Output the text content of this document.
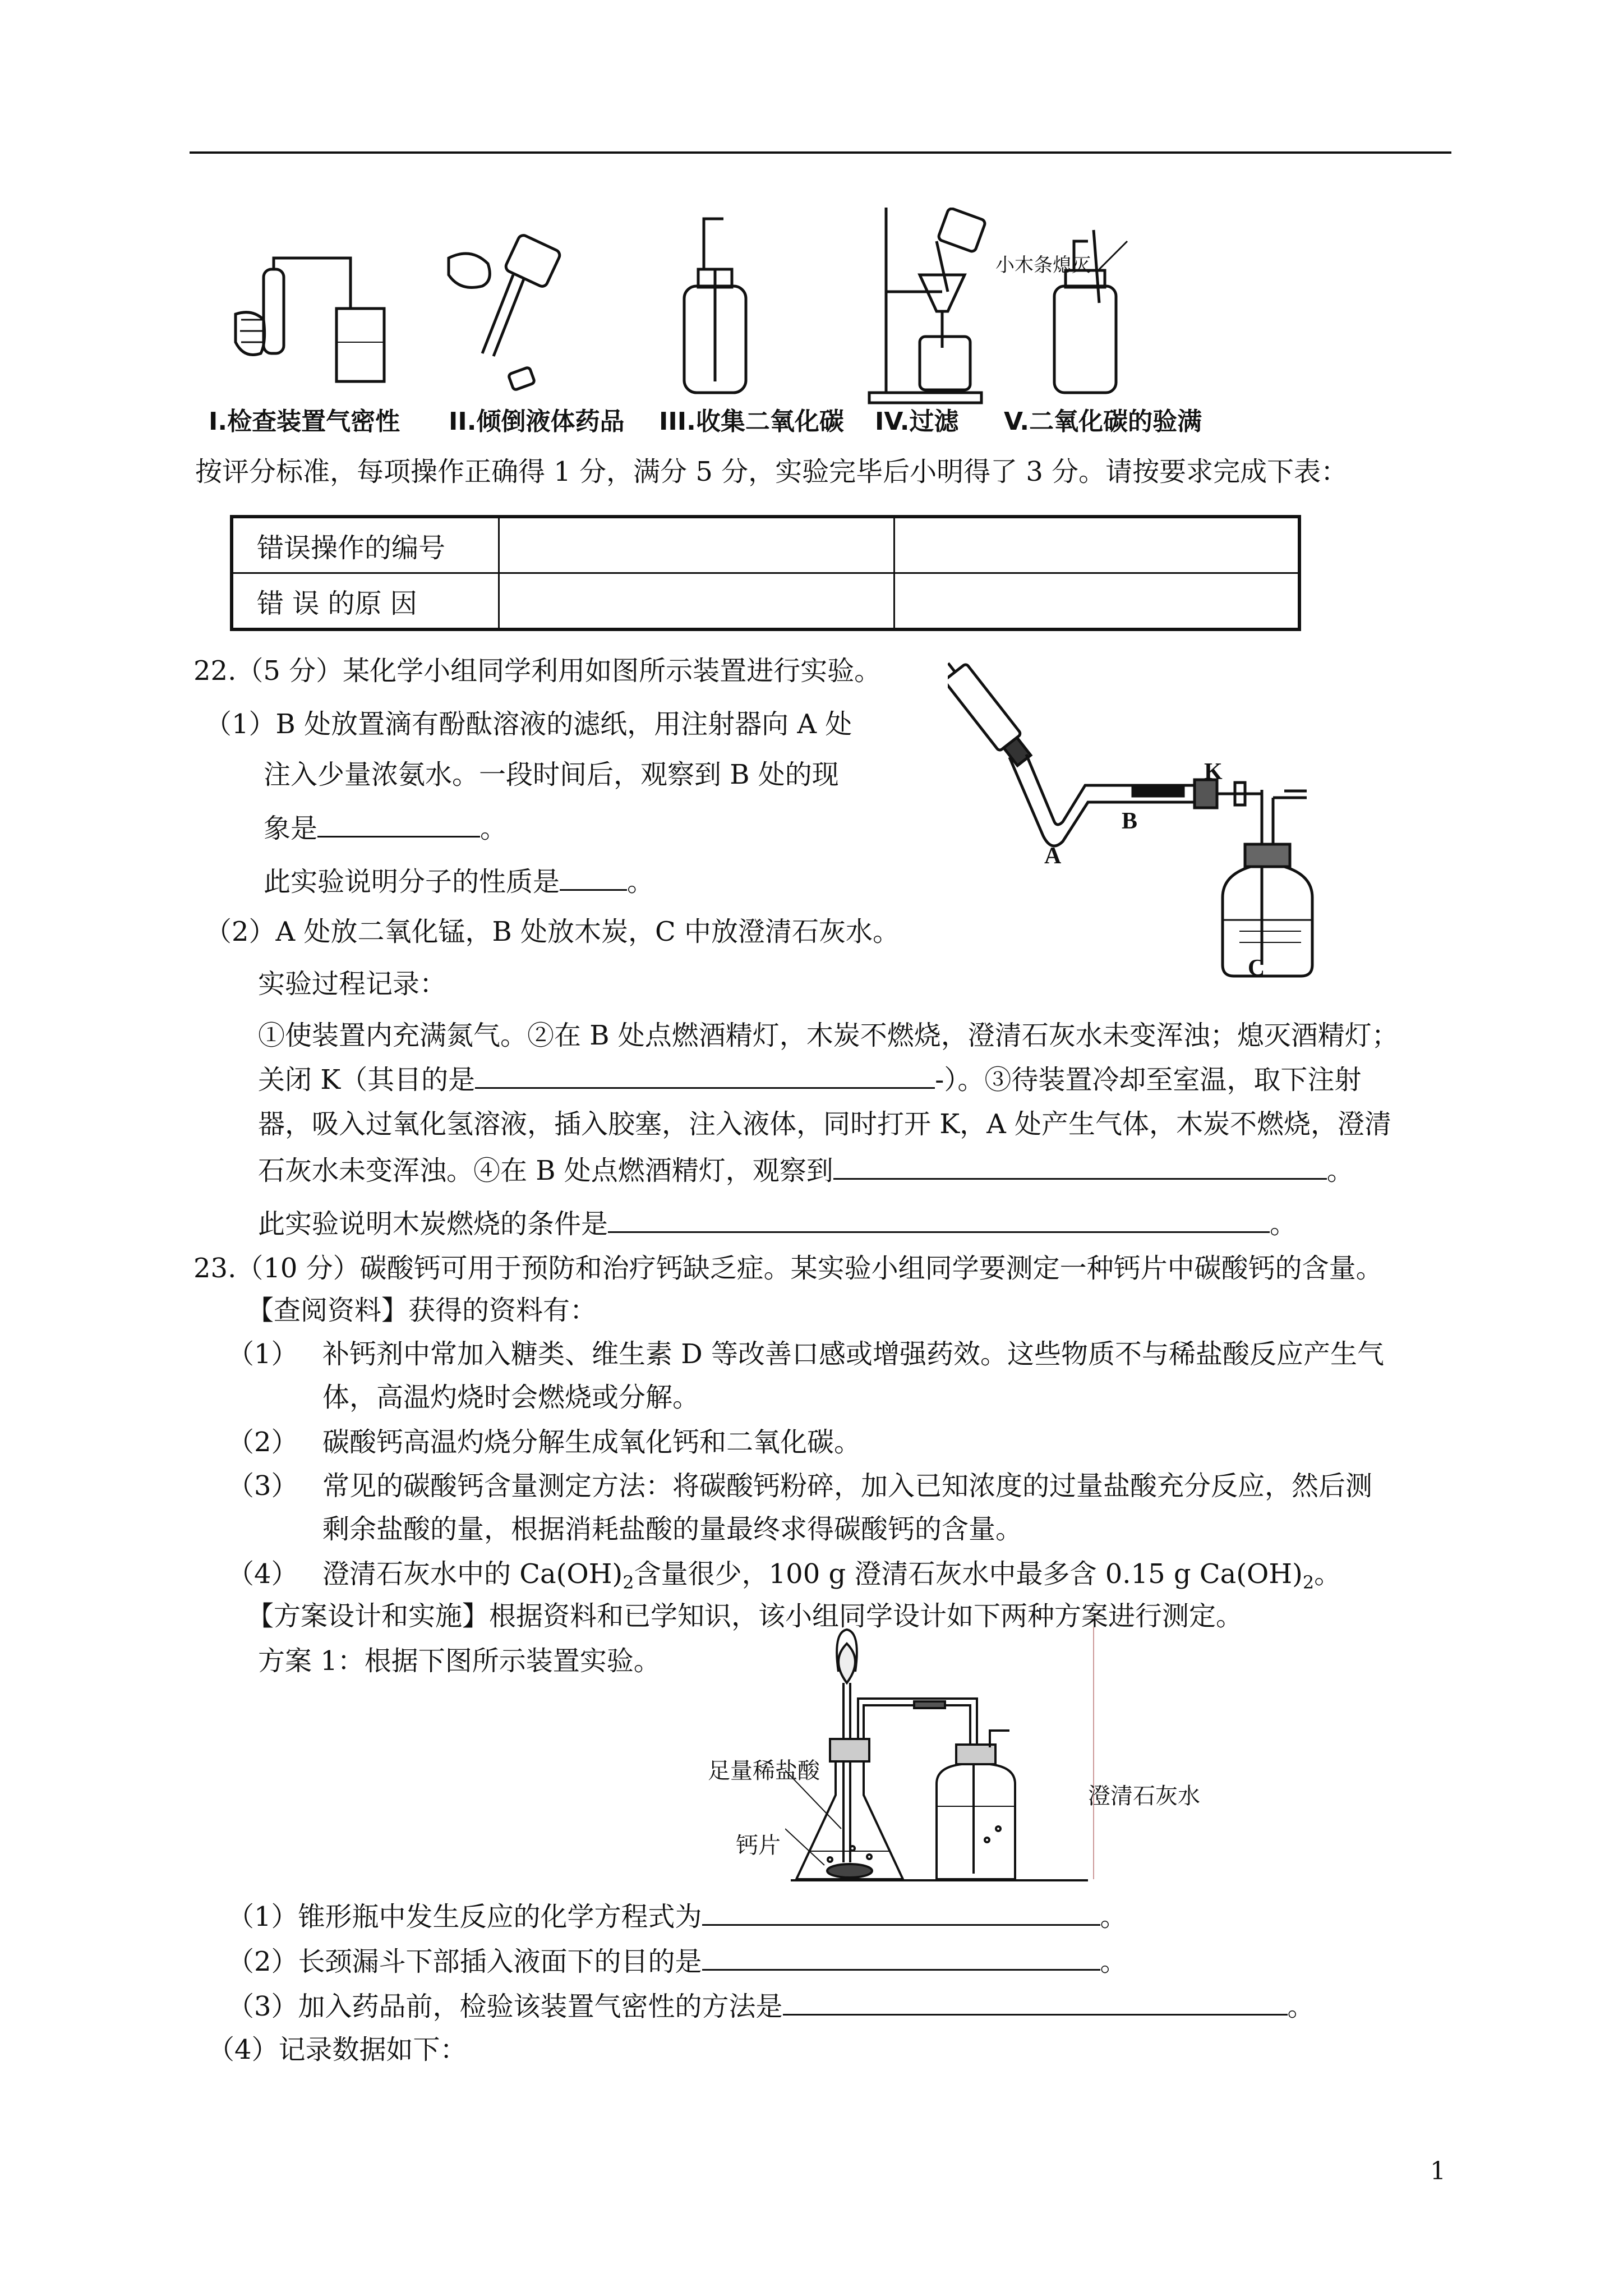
小木条熄灭
I.检查装置气密性 II.倾倒液体药品 III.收集二氧化碳 IV.过滤 V.二氧化碳的验满
按评分标准，每项操作正确得 1 分，满分 5 分，实验完毕后小明得了 3 分。请按要求完成下表：
错误操作的编号		
错 误 的原 因		
22.（5 分）某化学小组同学利用如图所示装置进行实验。
（1）B 处放置滴有酚酞溶液的滤纸，用注射器向 A 处
注入少量浓氨水。一段时间后，观察到 B 处的现
象是	。
此实验说明分子的性质是	。
（2）A 处放二氧化锰，B 处放木炭，C 中放澄清石灰水。
实验过程记录：
①使装置内充满氮气。②在 B 处点燃酒精灯，木炭不燃烧，澄清石灰水未变浑浊；熄灭酒精灯；
关闭 K（其目的是	-）。③待装置冷却至室温，取下注射
器，吸入过氧化氢溶液，插入胶塞，注入液体，同时打开 K，A 处产生气体，木炭不燃烧，澄清
石灰水未变浑浊。④在 B 处点燃酒精灯，观察到	。
此实验说明木炭燃烧的条件是	。
A
B
K
C
23.（10 分）碳酸钙可用于预防和治疗钙缺乏症。某实验小组同学要测定一种钙片中碳酸钙的含量。
【查阅资料】获得的资料有：
（1） 补钙剂中常加入糖类、维生素 D 等改善口感或增强药效。这些物质不与稀盐酸反应产生气
体，高温灼烧时会燃烧或分解。
（2） 碳酸钙高温灼烧分解生成氧化钙和二氧化碳。
（3） 常见的碳酸钙含量测定方法：将碳酸钙粉碎，加入已知浓度的过量盐酸充分反应，然后测
剩余盐酸的量，根据消耗盐酸的量最终求得碳酸钙的含量。
（4） 澄清石灰水中的 $Ca(OH)_2$含量很少，100 g 澄清石灰水中最多含 0.15 g $Ca(OH)_2$。
【方案设计和实施】根据资料和已学知识，该小组同学设计如下两种方案进行测定。
方案 1：根据下图所示装置实验。
足量稀盐酸
钙片
澄清石灰水
（1）锥形瓶中发生反应的化学方程式为	。
（2）长颈漏斗下部插入液面下的目的是	。
（3）加入药品前，检验该装置气密性的方法是	。
（4）记录数据如下：
1
